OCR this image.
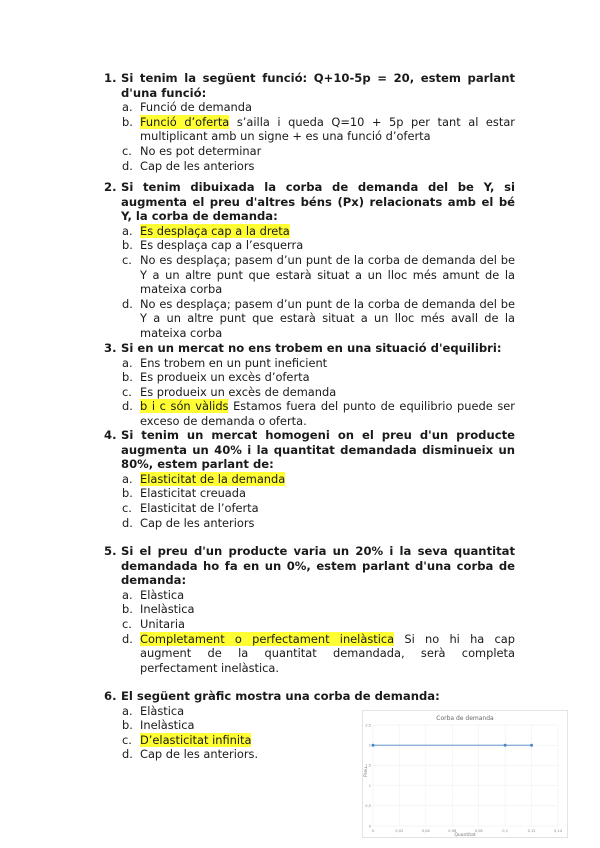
1. Si tenim la següent funció: Q+10-5p = 20, estem parlant d'una funció:
a. Funció de demanda
b. Funció d’oferta s’ailla i queda Q=10 + 5p per tant al estar multiplicant amb un signe + es una funció d’oferta
c. No es pot determinar
d. Cap de les anteriors
2. Si tenim dibuixada la corba de demanda del be Y, si augmenta el preu d'altres béns (Px) relacionats amb el bé Y, la corba de demanda:
a. Es desplaça cap a la dreta
b. Es desplaça cap a l’esquerra
c. No es desplaça; pasem d’un punt de la corba de demanda del be Y a un altre punt que estarà situat a un lloc més amunt de la mateixa corba
d. No es desplaça; pasem d’un punt de la corba de demanda del be Y a un altre punt que estarà situat a un lloc més avall de la mateixa corba
3. Si en un mercat no ens trobem en una situació d'equilibri:
a. Ens trobem en un punt ineficient
b. Es produeix un excès d’oferta
c. Es produeix un excès de demanda
d. b i c són vàlids Estamos fuera del punto de equilibrio puede ser exceso de demanda o oferta.
4. Si tenim un mercat homogeni on el preu d'un producte augmenta un 40% i la quantitat demandada disminueix un 80%, estem parlant de:
a. Elasticitat de la demanda
b. Elasticitat creuada
c. Elasticitat de l’oferta
d. Cap de les anteriors
5. Si el preu d'un producte varia un 20% i la seva quantitat demandada ho fa en un 0%, estem parlant d'una corba de demanda:
a. Elàstica
b. Inelàstica
c. Unitaria
d. Completament o perfectament inelàstica Si no hi ha cap augment de la quantitat demandada, serà completa perfectament inelàstica.
6. El següent gràfic mostra una corba de demanda:
a. Elàstica
b. Inelàstica
c. D’elasticitat infinita
d. Cap de les anteriors.
Corba de demanda
Preu
Quantitat
0	0,02	0,04	0,06	0,08	0,1	0,12	0,14
0
0,5
1
1,5
2
2,5
